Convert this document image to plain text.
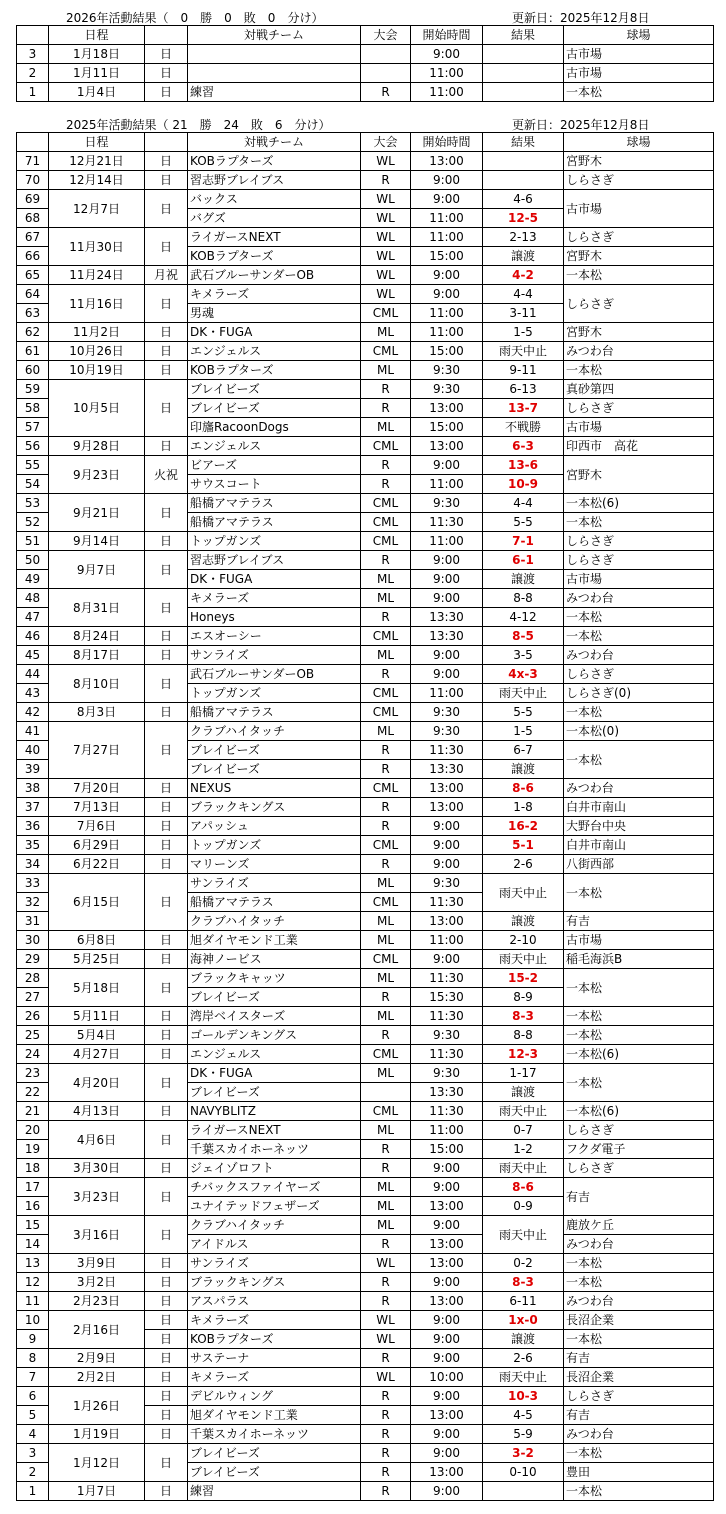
2026年活動結果（　0　勝　0　敗　0　分け）	更新日：2025年12月8日
	日程		対戦チーム	大会	開始時間	結果	球場
3	1月18日	日			9:00		古市場
2	1月11日	日			11:00		古市場
1	1月4日	日	練習	R	11:00		一本松
2025年活動結果（ 21　勝　24　敗　6　分け）	更新日：2025年12月8日
	日程		対戦チーム	大会	開始時間	結果	球場
71	12月21日	日	KOBラプターズ	WL	13:00		宮野木
70	12月14日	日	習志野ブレイブス	R	9:00		しらさぎ
69	12月7日	日	バックス	WL	9:00	4-6	古市場
68			バグズ	WL	11:00	12-5	
67	11月30日	日	ライガースNEXT	WL	11:00	2-13	しらさぎ
66			KOBラプターズ	WL	15:00	譲渡	宮野木
65	11月24日	月祝	武石ブルーサンダーOB	WL	9:00	4-2	一本松
64	11月16日	日	キメラーズ	WL	9:00	4-4	しらさぎ
63			男魂	CML	11:00	3-11	
62	11月2日	日	DK・FUGA	ML	11:00	1-5	宮野木
61	10月26日	日	エンジェルス	CML	15:00	雨天中止	みつわ台
60	10月19日	日	KOBラプターズ	ML	9:30	9-11	一本松
59	10月5日	日	ブレイビーズ	R	9:30	6-13	真砂第四
58			ブレイビーズ	R	13:00	13-7	しらさぎ
57			印旛RacoonDogs	ML	15:00	不戦勝	古市場
56	9月28日	日	エンジェルス	CML	13:00	6-3	印西市　高花
55	9月23日	火祝	ビアーズ	R	9:00	13-6	宮野木
54			サウスコート	R	11:00	10-9	
53	9月21日	日	船橋アマテラス	CML	9:30	4-4	一本松(6)
52			船橋アマテラス	CML	11:30	5-5	一本松
51	9月14日	日	トップガンズ	CML	11:00	7-1	しらさぎ
50	9月7日	日	習志野ブレイブス	R	9:00	6-1	しらさぎ
49			DK・FUGA	ML	9:00	譲渡	古市場
48	8月31日	日	キメラーズ	ML	9:00	8-8	みつわ台
47			Honeys	R	13:30	4-12	一本松
46	8月24日	日	エスオーシー	CML	13:30	8-5	一本松
45	8月17日	日	サンライズ	ML	9:00	3-5	みつわ台
44	8月10日	日	武石ブルーサンダーOB	R	9:00	4x-3	しらさぎ
43			トップガンズ	CML	11:00	雨天中止	しらさぎ(0)
42	8月3日	日	船橋アマテラス	CML	9:30	5-5	一本松
41	7月27日	日	クラブハイタッチ	ML	9:30	1-5	一本松(0)
40			ブレイビーズ	R	11:30	6-7	一本松
39			ブレイビーズ	R	13:30	譲渡	
38	7月20日	日	NEXUS	CML	13:00	8-6	みつわ台
37	7月13日	日	ブラックキングス	R	13:00	1-8	白井市南山
36	7月6日	日	アパッシュ	R	9:00	16-2	大野台中央
35	6月29日	日	トップガンズ	CML	9:00	5-1	白井市南山
34	6月22日	日	マリーンズ	R	9:00	2-6	八街西部
33	6月15日	日	サンライズ	ML	9:30	雨天中止	一本松
32			船橋アマテラス	CML	11:30		
31			クラブハイタッチ	ML	13:00	譲渡	有吉
30	6月8日	日	旭ダイヤモンド工業	ML	11:00	2-10	古市場
29	5月25日	日	海神ノービス	CML	9:00	雨天中止	稲毛海浜B
28	5月18日	日	ブラックキャッツ	ML	11:30	15-2	一本松
27			ブレイビーズ	R	15:30	8-9	
26	5月11日	日	湾岸ベイスターズ	ML	11:30	8-3	一本松
25	5月4日	日	ゴールデンキングス	R	9:30	8-8	一本松
24	4月27日	日	エンジェルス	CML	11:30	12-3	一本松(6)
23	4月20日	日	DK・FUGA	ML	9:30	1-17	一本松
22			ブレイビーズ		13:30	譲渡	
21	4月13日	日	NAVYBLITZ	CML	11:30	雨天中止	一本松(6)
20	4月6日	日	ライガースNEXT	ML	11:00	0-7	しらさぎ
19			千葉スカイホーネッツ	R	15:00	1-2	フクダ電子
18	3月30日	日	ジェイゾロフト	R	9:00	雨天中止	しらさぎ
17	3月23日	日	チバックスファイヤーズ	ML	9:00	8-6	有吉
16			ユナイテッドフェザーズ	ML	13:00	0-9	
15	3月16日	日	クラブハイタッチ	ML	9:00	雨天中止	鹿放ケ丘
14			アイドルス	R	13:00		みつわ台
13	3月9日	日	サンライズ	WL	13:00	0-2	一本松
12	3月2日	日	ブラックキングス	R	9:00	8-3	一本松
11	2月23日	日	アスパラス	R	13:00	6-11	みつわ台
10	2月16日	日	キメラーズ	WL	9:00	1x-0	長沼企業
9		日	KOBラプターズ	WL	9:00	譲渡	一本松
8	2月9日	日	サステーナ	R	9:00	2-6	有吉
7	2月2日	日	キメラーズ	WL	10:00	雨天中止	長沼企業
6	1月26日	日	デビルウィング	R	9:00	10-3	しらさぎ
5		日	旭ダイヤモンド工業	R	13:00	4-5	有吉
4	1月19日	日	千葉スカイホーネッツ	R	9:00	5-9	みつわ台
3	1月12日	日	ブレイビーズ	R	9:00	3-2	一本松
2			ブレイビーズ	R	13:00	0-10	豊田
1	1月7日	日	練習	R	9:00		一本松
